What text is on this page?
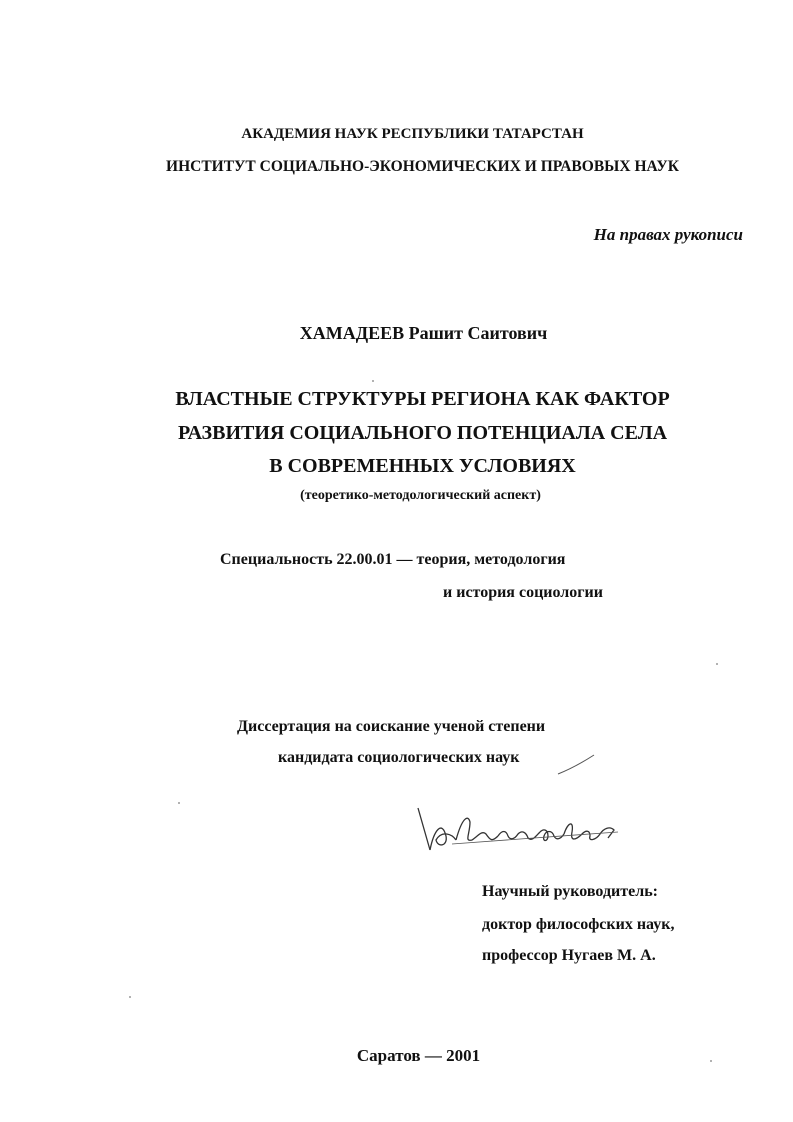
АКАДЕМИЯ НАУК РЕСПУБЛИКИ ТАТАРСТАН
ИНСТИТУТ СОЦИАЛЬНО-ЭКОНОМИЧЕСКИХ И ПРАВОВЫХ НАУК
На правах рукописи
ХАМАДЕЕВ Рашит Саитович
ВЛАСТНЫЕ СТРУКТУРЫ РЕГИОНА КАК ФАКТОР
РАЗВИТИЯ СОЦИАЛЬНОГО ПОТЕНЦИАЛА СЕЛА
В СОВРЕМЕННЫХ УСЛОВИЯХ
(теоретико-методологический аспект)
Специальность 22.00.01 — теория, методология
и история социологии
Диссертация на соискание ученой степени
кандидата социологических наук
Научный руководитель:
доктор философских наук,
профессор Нугаев М. А.
Саратов — 2001
